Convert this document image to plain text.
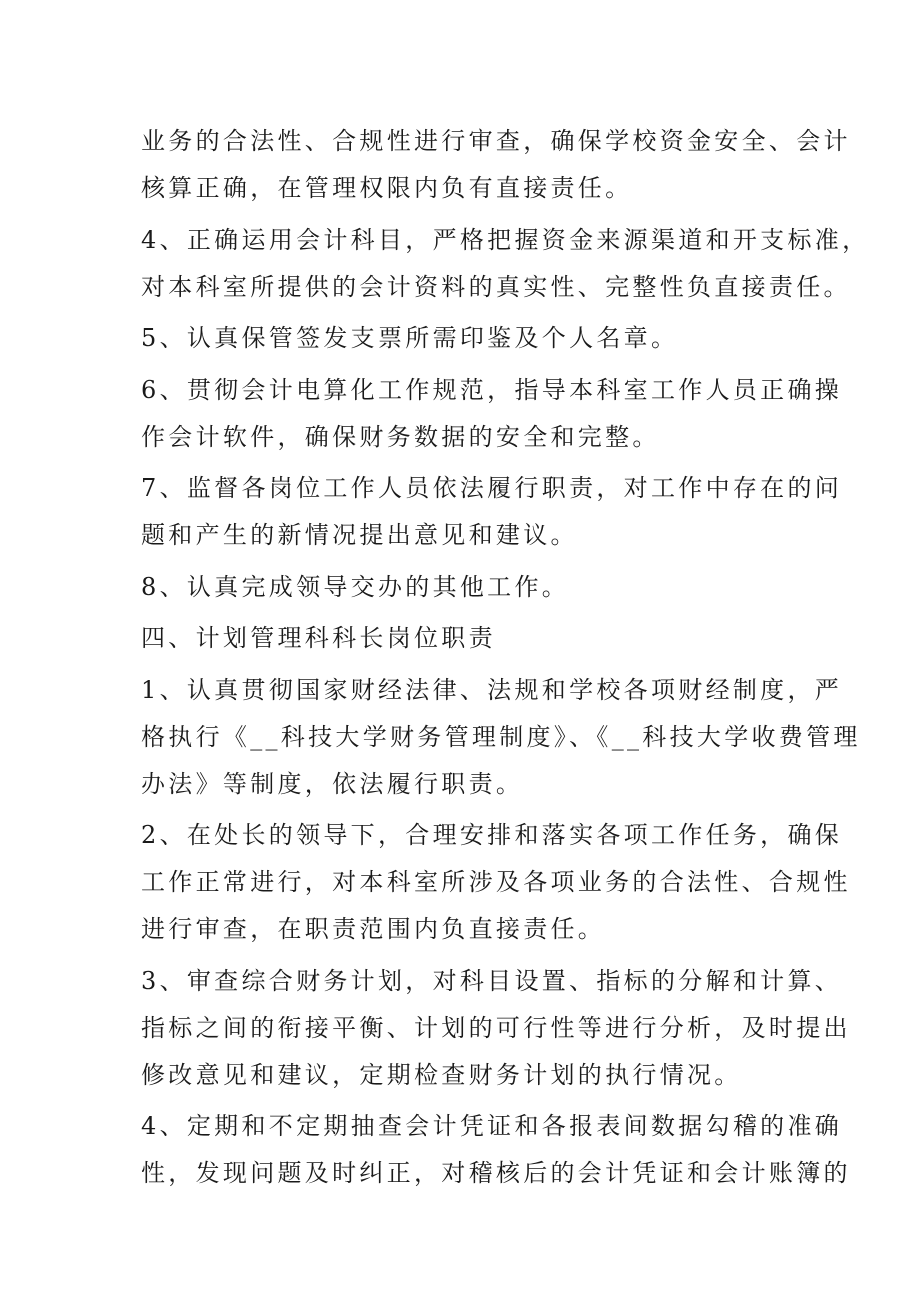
业务的合法性、合规性进行审查，确保学校资金安全、会计
核算正确，在管理权限内负有直接责任。
4、正确运用会计科目，严格把握资金来源渠道和开支标准，
对本科室所提供的会计资料的真实性、完整性负直接责任。
5、认真保管签发支票所需印鉴及个人名章。
6、贯彻会计电算化工作规范，指导本科室工作人员正确操
作会计软件，确保财务数据的安全和完整。
7、监督各岗位工作人员依法履行职责，对工作中存在的问
题和产生的新情况提出意见和建议。
8、认真完成领导交办的其他工作。
四、计划管理科科长岗位职责
1、认真贯彻国家财经法律、法规和学校各项财经制度，严
格执行《__科技大学财务管理制度》、《__科技大学收费管理
办法》等制度，依法履行职责。
2、在处长的领导下，合理安排和落实各项工作任务，确保
工作正常进行，对本科室所涉及各项业务的合法性、合规性
进行审查，在职责范围内负直接责任。
3、审查综合财务计划，对科目设置、指标的分解和计算、
指标之间的衔接平衡、计划的可行性等进行分析，及时提出
修改意见和建议，定期检查财务计划的执行情况。
4、定期和不定期抽查会计凭证和各报表间数据勾稽的准确
性，发现问题及时纠正，对稽核后的会计凭证和会计账簿的
